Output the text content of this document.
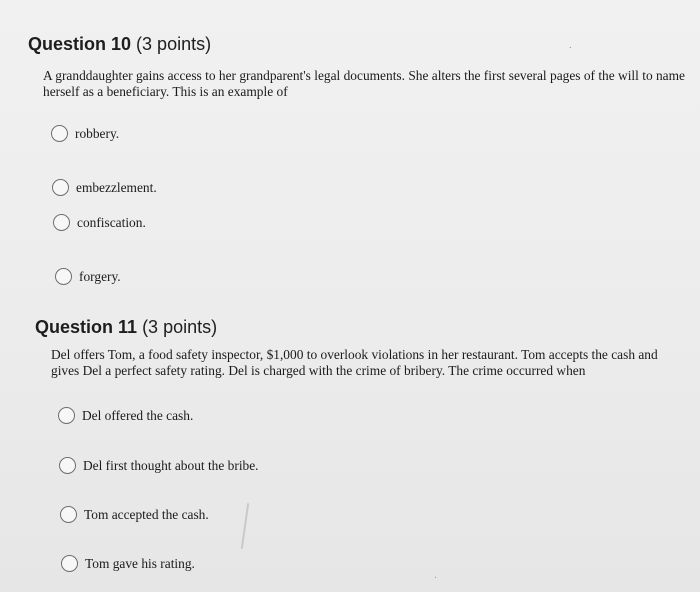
Question 10 (3 points)	⸱
A granddaughter gains access to her grandparent's legal documents. She alters the first several pages of the will to name herself as a beneficiary. This is an example of
robbery.
embezzlement.
confiscation.
forgery.
Question 11 (3 points)
Del offers Tom, a food safety inspector, $1,000 to overlook violations in her restaurant. Tom accepts the cash and gives Del a perfect safety rating. Del is charged with the crime of bribery. The crime occurred when
Del offered the cash.
Del first thought about the bribe.
Tom accepted the cash.
Tom gave his rating.
·
